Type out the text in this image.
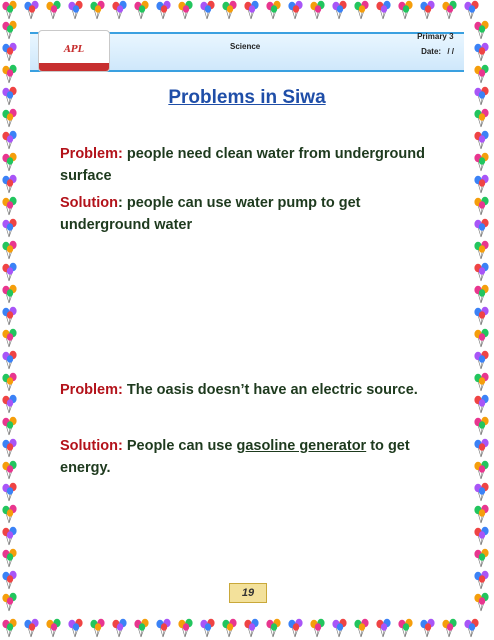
APL	Science
Primary 3
Date: / /
Problems in Siwa
Problem: people need clean water from underground surface
Solution: people can use water pump to get underground water
Problem: The oasis doesn’t have an electric source.
Solution: People can use gasoline generator to get energy.
19
